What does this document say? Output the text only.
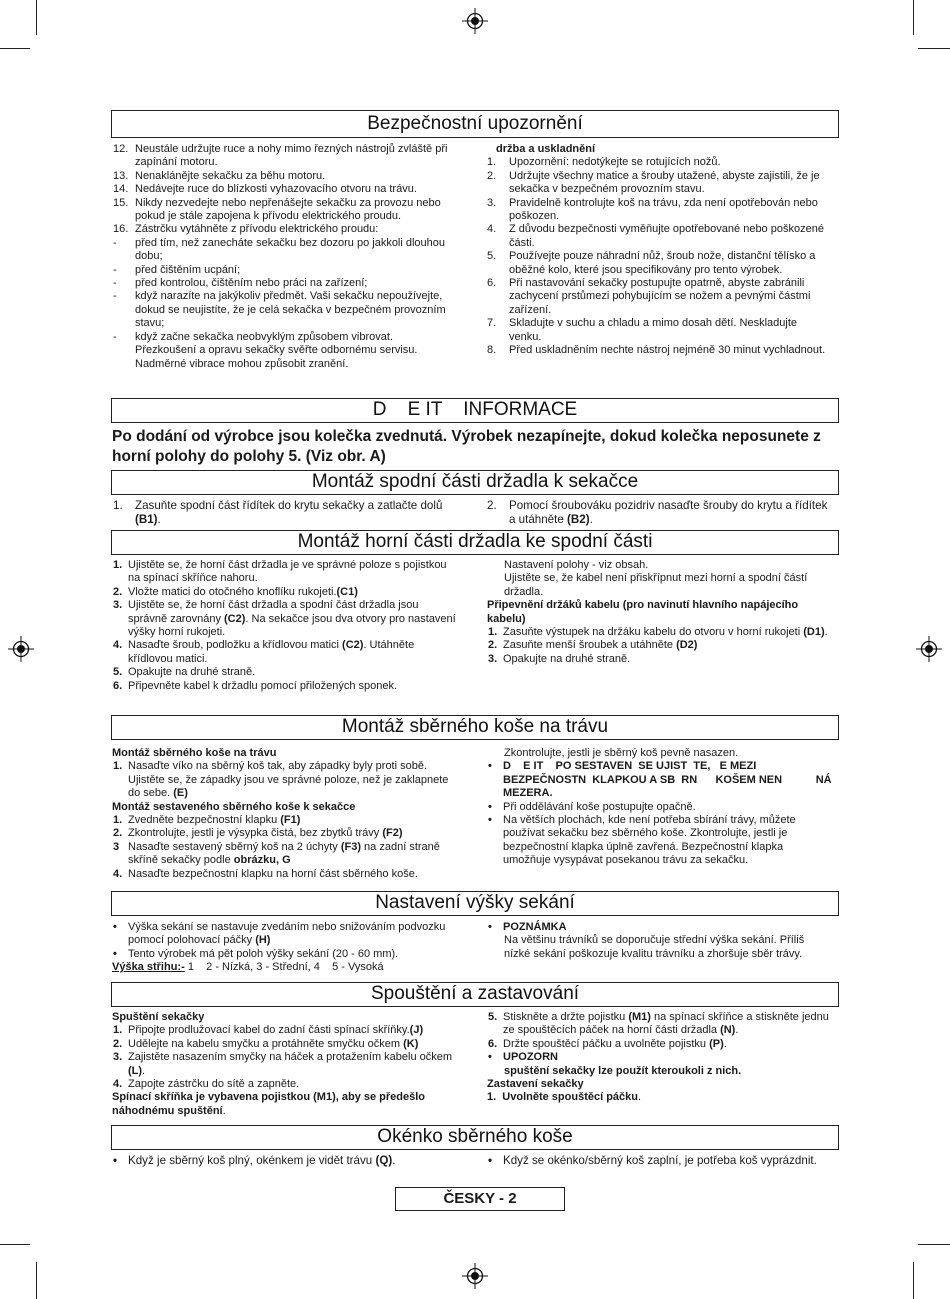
Bezpečnostní upozornění
12. Neustále udržujte ruce a nohy mimo řezných nástrojů zvláště při zapínání motoru.
13. Nenaklánějte sekačku za běhu motoru.
14. Nedávejte ruce do blízkosti vyhazovacího otvoru na trávu.
15. Nikdy nezvedejte nebo nepřenášejte sekačku za provozu nebo pokud je stále zapojena k přívodu elektrického proudu.
16. Zástrčku vytáhněte z přívodu elektrického proudu:
-	před tím, než zanecháte sekačku bez dozoru po jakkoli dlouhou dobu;
-	před čištěním ucpání;
-	před kontrolou, čištěním nebo práci na zařízení;
-	když narazíte na jakýkoliv předmět. Vaši sekačku nepoužívejte, dokud se neujistíte, že je celá sekačka v bezpečném provozním stavu;
-	když začne sekačka neobvyklým způsobem vibrovat. Přezkoušení a opravu sekačky svěřte odbornému servisu. Nadměrné vibrace mohou způsobit zranění.
držba a uskladnění
1.	Upozornění: nedotýkejte se rotujících nožů.
2.	Udržujte všechny matice a šrouby utažené, abyste zajistili, že je sekačka v bezpečném provozním stavu.
3.	Pravidelně kontrolujte koš na trávu, zda není opotřebován nebo poškozen.
4.	Z důvodu bezpečnosti vyměňujte opotřebované nebo poškozené části.
5.	Používejte pouze náhradní nůž, šroub nože, distanční tělísko a oběžné kolo, které jsou specifikovány pro tento výrobek.
6.	Při nastavování sekačky postupujte opatrně, abyste zabránili zachycení prstůmezi pohybujícím se nožem a pevnými částmi zařízení.
7.	Skladujte v suchu a chladu a mimo dosah dětí. Neskladujte venku.
8.	Před uskladněním nechte nástroj nejméně 30 minut vychladnout.
D    E IT    INFORMACE
Po dodání od výrobce jsou kolečka zvednutá. Výrobek nezapínejte, dokud kolečka neposunete z horní polohy do polohy 5. (Viz obr. A)
Montáž spodní části držadla k sekačce
1.	Zasuňte spodní část řídítek do krytu sekačky a zatlačte dolů (B1).
2.	Pomocí šroubováku pozidriv nasaďte šrouby do krytu a řídítek a utáhněte (B2).
Montáž horní části držadla ke spodní části
1. Ujistěte se, že horní část držadla je ve správné poloze s pojistkou na spínací skříňce nahoru.
2. Vložte matici do otočného knoflíku rukojeti.(C1)
3. Ujistěte se, že horní část držadla a spodní část držadla jsou správně zarovnány (C2). Na sekačce jsou dva otvory pro nastavení výšky horní rukojeti.
4. Nasaďte šroub, podložku a křídlovou matici (C2). Utáhněte křídlovou matici.
5. Opakujte na druhé straně.
6. Připevněte kabel k držadlu pomocí přiložených sponek.
Nastavení polohy - viz obsah.
Ujistěte se, že kabel není přiskřípnut mezi horní a spodní částí držadla.
Připevnění držáků kabelu (pro navinutí hlavního napájecího kabelu)
1. Zasuňte výstupek na držáku kabelu do otvoru v horní rukojeti (D1).
2. Zasuňte menší šroubek a utáhněte (D2)
3. Opakujte na druhé straně.
Montáž sběrného koše na trávu
Montáž sběrného koše na trávu
1. Nasaďte víko na sběrný koš tak, aby západky byly proti sobě. Ujistěte se, že západky jsou ve správné poloze, než je zaklapnete do sebe. (E)
Montáž sestaveného sběrného koše k sekačce
1. Zvedněte bezpečnostní klapku (F1)
2. Zkontrolujte, jestli je výsypka čistá, bez zbytků trávy (F2)
3 Nasaďte sestavený sběrný koš na 2 úchyty (F3) na zadní straně skříně sekačky podle obrázku, G
4. Nasaďte bezpečnostní klapku na horní část sběrného koše.
Zkontrolujte, jestli je sběrný koš pevně nasazen.
•	D    E IT    PO SESTAVEN  SE UJIST  TE,   E MEZI BEZPEČNOSTN  KLAPKOU A SB  RN      KOŠEM NEN           NÁ MEZERA.
•	Při oddělávání koše postupujte opačně.
•	Na větších plochách, kde není potřeba sbírání trávy, můžete používat sekačku bez sběrného koše. Zkontrolujte, jestli je bezpečnostní klapka úplně zavřená. Bezpečnostní klapka umožňuje vysypávat posekanou trávu za sekačku.
Nastavení výšky sekání
•	Výška sekání se nastavuje zvedáním nebo snižováním podvozku pomocí polohovací páčky (H)
•	Tento výrobek má pět poloh výšky sekání (20 - 60 mm).
Výška střihu:- 1    2 - Nízká, 3 - Střední, 4    5 - Vysoká
•	POZNÁMKA
Na většinu trávníků se doporučuje střední výška sekání. Příliš nízké sekání poškozuje kvalitu trávníku a zhoršuje sběr trávy.
Spouštění a zastavování
Spuštění sekačky
1. Připojte prodlužovací kabel do zadní části spínací skříňky.(J)
2. Udělejte na kabelu smyčku a protáhněte smyčku očkem (K)
3. Zajistěte nasazením smyčky na háček a protažením kabelu očkem (L).
4. Zapojte zástrčku do sítě a zapněte.
Spínací skříňka je vybavena pojistkou (M1), aby se předešlo náhodnému spuštění.
5. Stiskněte a držte pojistku (M1) na spínací skříňce a stiskněte jednu ze spouštěcích páček na horní části držadla (N).
6. Držte spouštěcí páčku a uvolněte pojistku (P).
•	UPOZORN
spuštění sekačky lze použít kteroukoli z nich.
Zastavení sekačky
1.  Uvolněte spouštěcí páčku.
Okénko sběrného koše
• Když je sběrný koš plný, okénkem je vidět trávu (Q).	• Když se okénko/sběrný koš zaplní, je potřeba koš vyprázdnit.
ČESKY - 2
